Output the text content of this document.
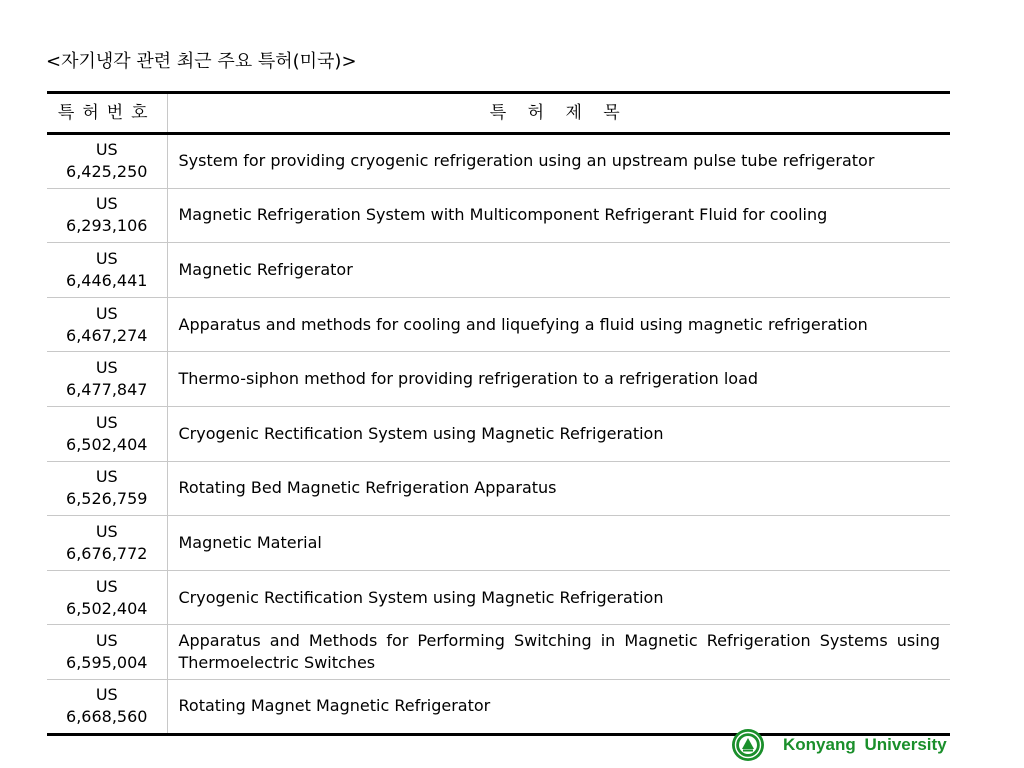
<자기냉각 관련 최근 주요 특허(미국)>
특허번호	특 허 제 목

US
6,425,250	System for providing cryogenic refrigeration using an upstream pulse tube refrigerator

US
6,293,106	Magnetic Refrigeration System with Multicomponent Refrigerant Fluid for cooling

US
6,446,441	Magnetic Refrigerator

US
6,467,274	Apparatus and methods for cooling and liquefying a fluid using magnetic refrigeration

US
6,477,847	Thermo-siphon method for providing refrigeration to a refrigeration load

US
6,502,404	Cryogenic Rectification System using Magnetic Refrigeration

US
6,526,759	Rotating Bed Magnetic Refrigeration Apparatus

US
6,676,772	Magnetic Material

US
6,502,404	Cryogenic Rectification System using Magnetic Refrigeration

US
6,595,004	Apparatus and Methods for Performing Switching in Magnetic Refrigeration Systems using Thermoelectric Switches

US
6,668,560	Rotating Magnet Magnetic Refrigerator
Konyang University
